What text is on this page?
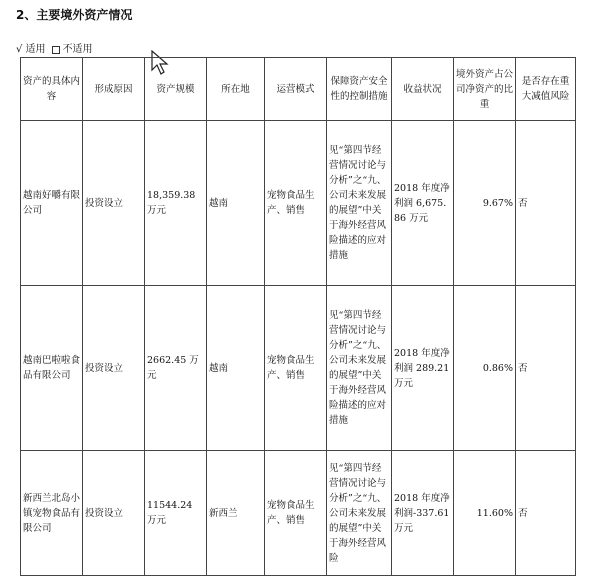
2、主要境外资产情况
√ 适用 不适用
资产的具体内容	形成原因	资产规模	所在地	运营模式	保障资产安全性的控制措施	收益状况	境外资产占公司净资产的比重	是否存在重大减值风险
越南好嚼有限公司	投资设立	18,359.38 万元	越南	宠物食品生产、销售	见“第四节经营情况讨论与分析”之“九、公司未来发展的展望”中关于海外经营风险描述的应对措施	2018 年度净利润 6,675.86 万元	9.67%	否
越南巴啦啦食品有限公司	投资设立	2662.45 万元	越南	宠物食品生产、销售	见“第四节经营情况讨论与分析”之“九、公司未来发展的展望”中关于海外经营风险描述的应对措施	2018 年度净利润 289.21 万元	0.86%	否
新西兰北岛小镇宠物食品有限公司	投资设立	11544.24 万元	新西兰	宠物食品生产、销售	见“第四节经营情况讨论与分析”之“九、公司未来发展的展望”中关于海外经营风险	2018 年度净利润-337.61 万元	11.60%	否
